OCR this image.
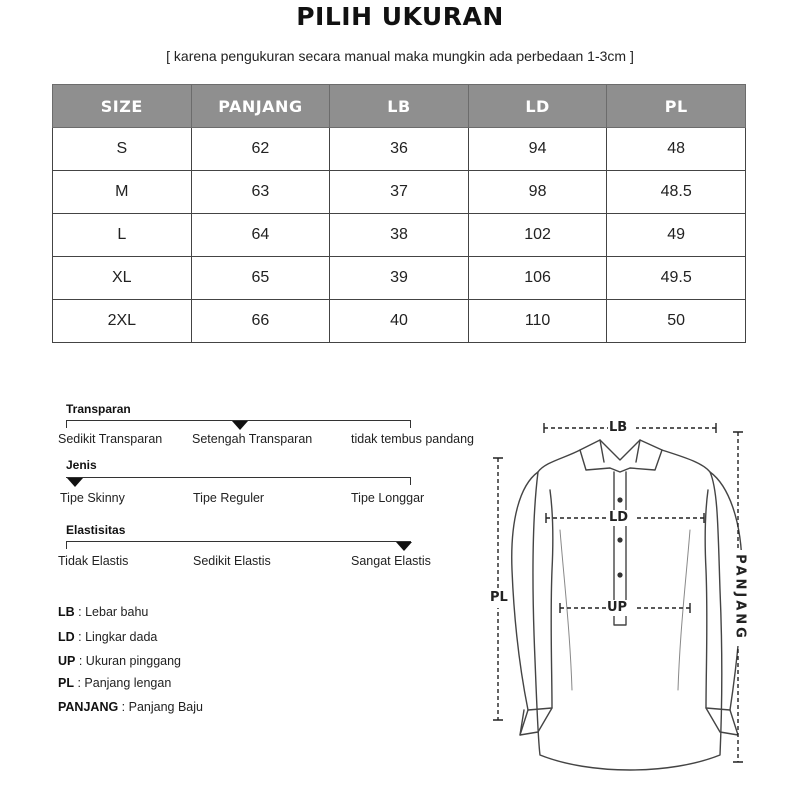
PILIH UKURAN
[ karena pengukuran secara manual maka mungkin ada perbedaan 1-3cm ]
SIZE	PANJANG	LB	LD	PL
S	62	36	94	48
M	63	37	98	48.5
L	64	38	102	49
XL	65	39	106	49.5
2XL	66	40	110	50
Transparan
Sedikit Transparan Setengah Transparan	tidak tembus pandang
Jenis
Tipe Skinny	Tipe Reguler	Tipe Longgar
Elastisitas
Tidak Elastis	Sedikit Elastis	Sangat Elastis
LB : Lebar bahu
LD : Lingkar dada
UP : Ukuran pinggang
PL : Panjang lengan
PANJANG : Panjang Baju
LB
LD
UP
PL	PANJANG
